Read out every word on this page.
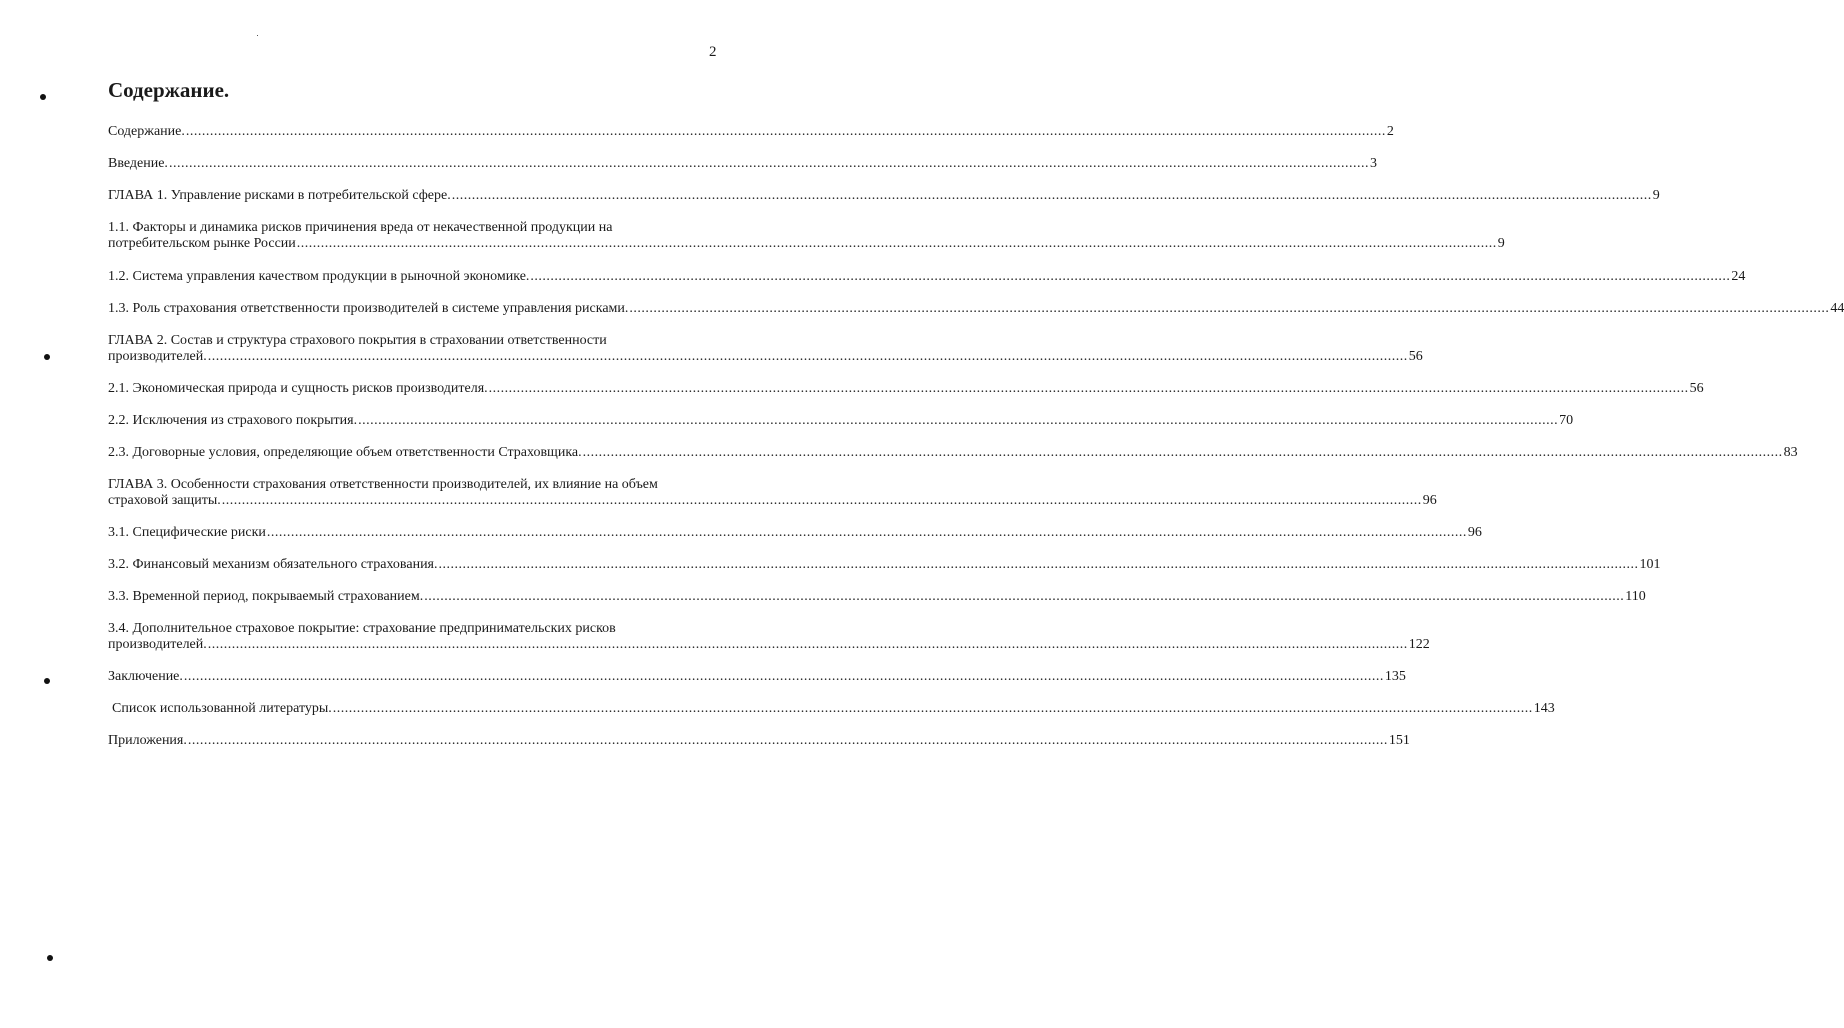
2
Содержание.
Содержание. ............................................................................................................................................................................................................................................................................................................ 2
Введение. ............................................................................................................................................................................................................................................................................................................ 3
ГЛАВА 1. Управление рисками в потребительской сфере. ............................................................................................................................................................................................................................................................................................................ 9
1.1. Факторы и динамика рисков причинения вреда от некачественной продукции на
потребительском рынке России ............................................................................................................................................................................................................................................................................................................ 9
1.2. Система управления качеством продукции в рыночной экономике. ............................................................................................................................................................................................................................................................................................................ 24
1.3. Роль страхования ответственности производителей в системе управления рисками. ............................................................................................................................................................................................................................................................................................................ 44
ГЛАВА 2. Состав и структура страхового покрытия в страховании ответственности
производителей. ............................................................................................................................................................................................................................................................................................................ 56
2.1. Экономическая природа и сущность рисков производителя. ............................................................................................................................................................................................................................................................................................................ 56
2.2. Исключения из страхового покрытия. ............................................................................................................................................................................................................................................................................................................ 70
2.3. Договорные условия, определяющие объем ответственности Страховщика. ............................................................................................................................................................................................................................................................................................................ 83
ГЛАВА 3. Особенности страхования ответственности производителей, их влияние на объем
страховой защиты. ............................................................................................................................................................................................................................................................................................................ 96
3.1. Специфические риски ............................................................................................................................................................................................................................................................................................................ 96
3.2. Финансовый механизм обязательного страхования. ............................................................................................................................................................................................................................................................................................................ 101
3.3. Временной период, покрываемый страхованием. ............................................................................................................................................................................................................................................................................................................ 110
3.4. Дополнительное страховое покрытие: страхование предпринимательских рисков
производителей. ............................................................................................................................................................................................................................................................................................................ 122
Заключение. ............................................................................................................................................................................................................................................................................................................ 135
Список использованной литературы. ............................................................................................................................................................................................................................................................................................................ 143
Приложения. ............................................................................................................................................................................................................................................................................................................ 151
